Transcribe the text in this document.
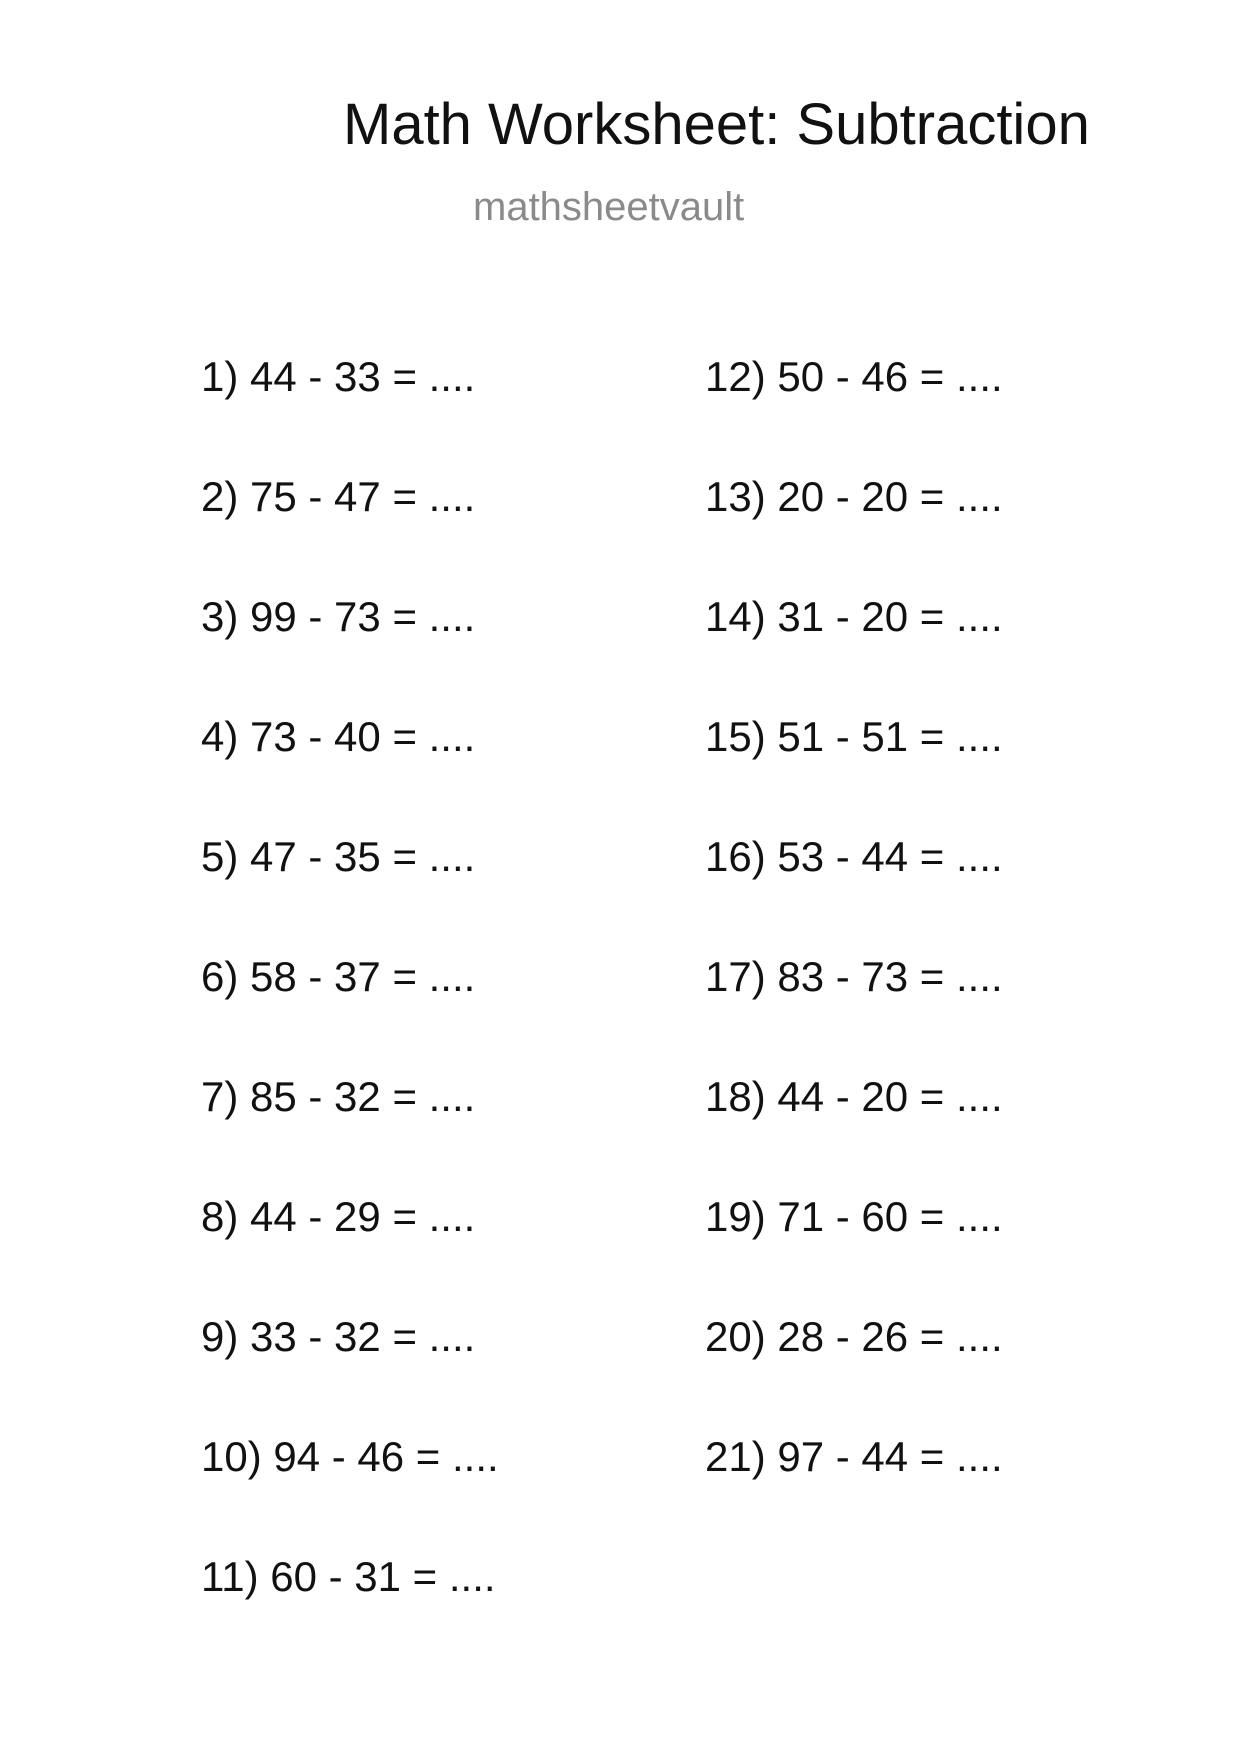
Math Worksheet: Subtraction
mathsheetvault
1) 44 - 33 = ....
2) 75 - 47 = ....
3) 99 - 73 = ....
4) 73 - 40 = ....
5) 47 - 35 = ....
6) 58 - 37 = ....
7) 85 - 32 = ....
8) 44 - 29 = ....
9) 33 - 32 = ....
10) 94 - 46 = ....
11) 60 - 31 = ....
12) 50 - 46 = ....
13) 20 - 20 = ....
14) 31 - 20 = ....
15) 51 - 51 = ....
16) 53 - 44 = ....
17) 83 - 73 = ....
18) 44 - 20 = ....
19) 71 - 60 = ....
20) 28 - 26 = ....
21) 97 - 44 = ....
